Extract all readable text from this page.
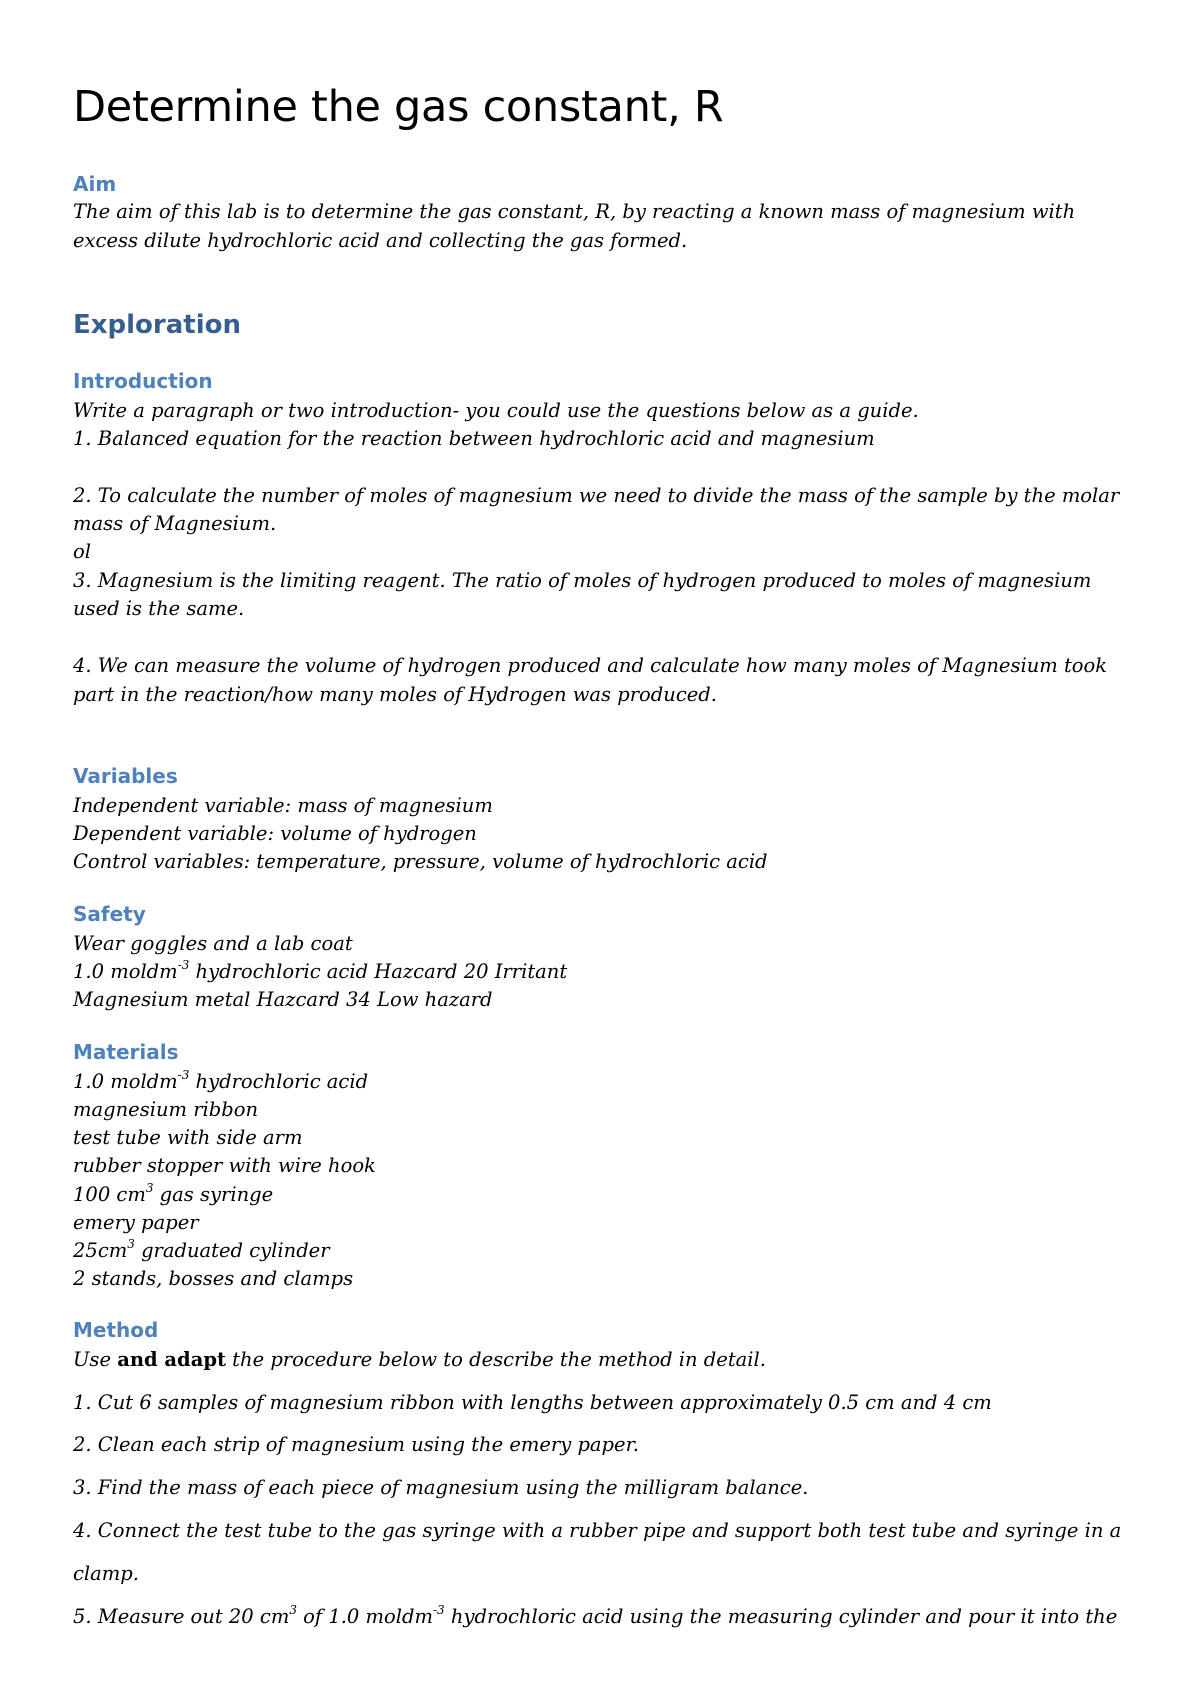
Determine the gas constant, R
Aim
The aim of this lab is to determine the gas constant, R, by reacting a known mass of magnesium with
excess dilute hydrochloric acid and collecting the gas formed.
Exploration
Introduction
Write a paragraph or two introduction- you could use the questions below as a guide.
1. Balanced equation for the reaction between hydrochloric acid and magnesium
2. To calculate the number of moles of magnesium we need to divide the mass of the sample by the molar
mass of Magnesium.
ol
3. Magnesium is the limiting reagent. The ratio of moles of hydrogen produced to moles of magnesium
used is the same.
4. We can measure the volume of hydrogen produced and calculate how many moles of Magnesium took
part in the reaction/how many moles of Hydrogen was produced.
Variables
Independent variable: mass of magnesium
Dependent variable: volume of hydrogen
Control variables: temperature, pressure, volume of hydrochloric acid
Safety
Wear goggles and a lab coat
1.0 moldm$^{-3}$ hydrochloric acid Hazcard 20 Irritant
Magnesium metal Hazcard 34 Low hazard
Materials
1.0 moldm$^{-3}$ hydrochloric acid
magnesium ribbon
test tube with side arm
rubber stopper with wire hook
100 $cm^3$ gas syringe
emery paper
$25cm^3$ graduated cylinder
2 stands, bosses and clamps
Method
Use and adapt the procedure below to describe the method in detail.
1. Cut 6 samples of magnesium ribbon with lengths between approximately 0.5 cm and 4 cm
2. Clean each strip of magnesium using the emery paper.
3. Find the mass of each piece of magnesium using the milligram balance.
4. Connect the test tube to the gas syringe with a rubber pipe and support both test tube and syringe in a
clamp.
5. Measure out 20 $cm^3$ of 1.0 moldm$^{-3}$ hydrochloric acid using the measuring cylinder and pour it into the
